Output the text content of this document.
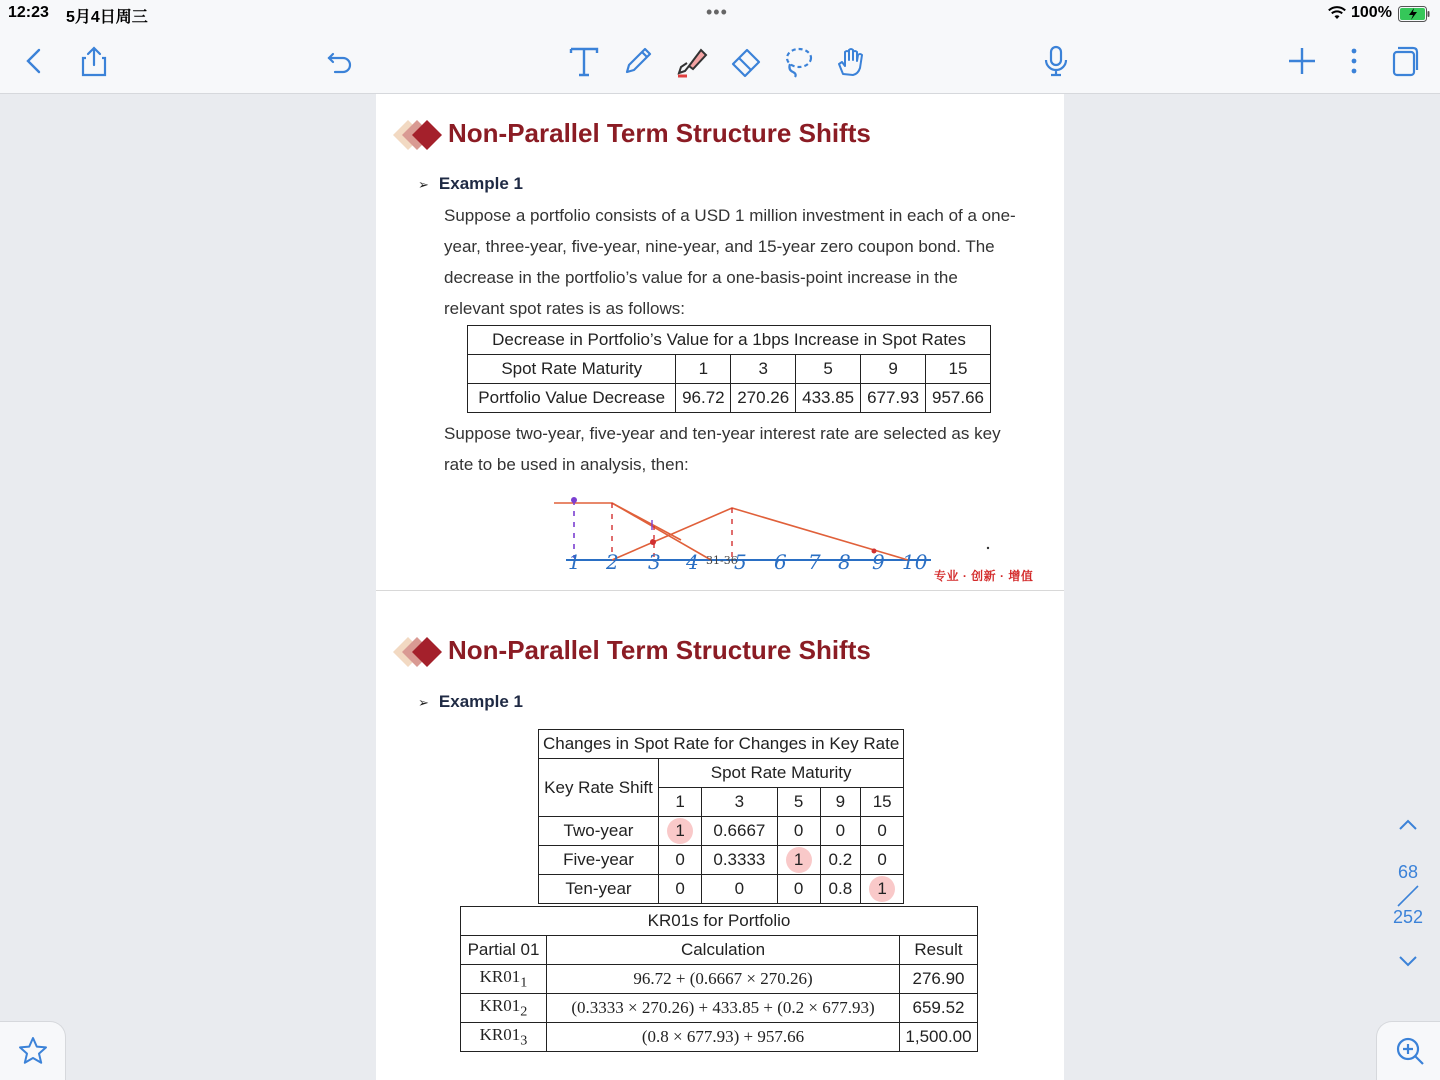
12:23 5月4日周三	•••	100%
Non-Parallel Term Structure Shifts
➢ Example 1
Suppose a portfolio consists of a USD 1 million investment in each of a one-
year, three-year, five-year, nine-year, and 15-year zero coupon bond. The
decrease in the portfolio’s value for a one-basis-point increase in the
relevant spot rates is as follows:
Decrease in Portfolio’s Value for a 1bps Increase in Spot Rates					
Spot Rate Maturity	1	3	5	9	15
Portfolio Value Decrease	96.72	270.26	433.85	677.93	957.66
Suppose two-year, five-year and ten-year interest rate are selected as key
rate to be used in analysis, then:
1 2 3 4 31-36
5 6 7 8 9 10
专业 · 创新 · 增值
Non-Parallel Term Structure Shifts
➢ Example 1
Changes in Spot Rate for Changes in Key Rate					
Key Rate Shift	Spot Rate Maturity				
	1	3	5	9	15
Two-year	1	0.6667	0	0	0
Five-year	0	0.3333	1	0.2	0
Ten-year	0	0	0	0.8	1
KR01s for Portfolio		
Partial 01	Calculation	Result
$KR01_1$	96.72 + (0.6667 × 270.26)	276.90
$KR01_2$	(0.3333 × 270.26) + 433.85 + (0.2 × 677.93)	659.52
$KR01_3$	(0.8 × 677.93) + 957.66	1,500.00
68
252
